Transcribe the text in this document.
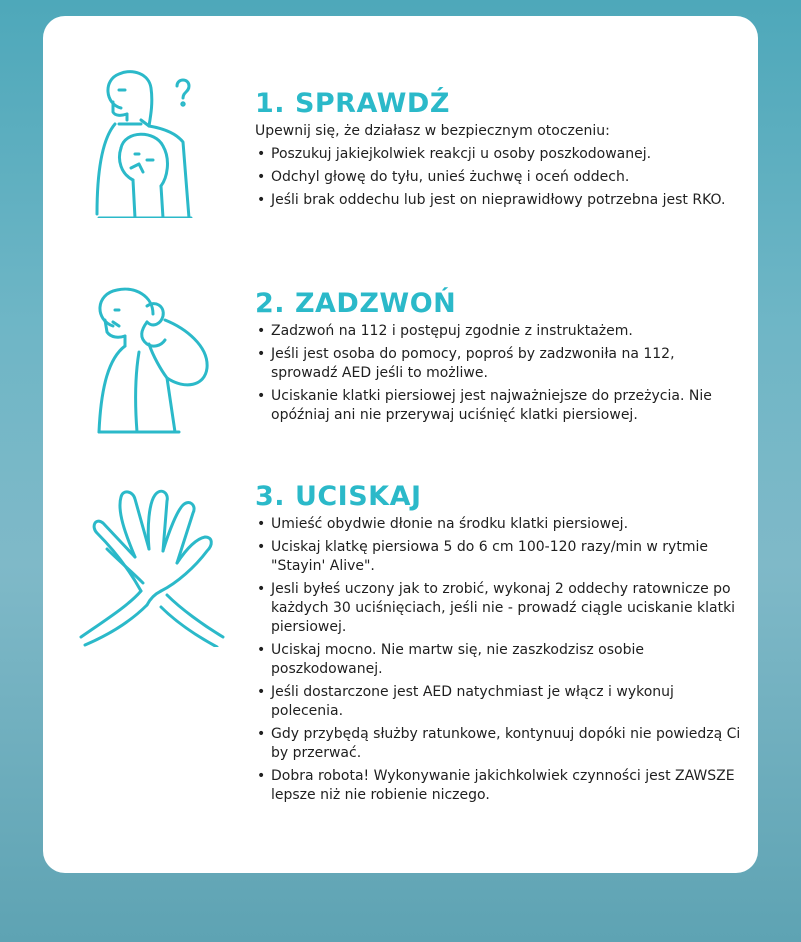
1. SPRAWDŹ

Upewnij się, że działasz w bezpiecznym otoczeniu:

• Poszukuj jakiejkolwiek reakcji u osoby poszkodowanej.
• Odchyl głowę do tyłu, unieś żuchwę i oceń oddech.
• Jeśli brak oddechu lub jest on nieprawidłowy potrzebna jest RKO.
2. ZADZWOŃ
• Zadzwoń na 112 i postępuj zgodnie z instruktażem.
• Jeśli jest osoba do pomocy, poproś by zadzwoniła na 112, sprowadź AED jeśli to możliwe.
• Uciskanie klatki piersiowej jest najważniejsze do przeżycia. Nie opóźniaj ani nie przerywaj uciśnięć klatki piersiowej.
3. UCISKAJ
• Umieść obydwie dłonie na środku klatki piersiowej.
• Uciskaj klatkę piersiowa 5 do 6 cm 100-120 razy/min w rytmie "Stayin' Alive".
• Jesli byłeś uczony jak to zrobić, wykonaj 2 oddechy ratownicze po każdych 30 uciśnięciach, jeśli nie - prowadź ciągle uciskanie klatki piersiowej.
• Uciskaj mocno. Nie martw się, nie zaszkodzisz osobie poszkodowanej.
• Jeśli dostarczone jest AED natychmiast je włącz i wykonuj polecenia.
• Gdy przybędą służby ratunkowe, kontynuuj dopóki nie powiedzą Ci by przerwać.
• Dobra robota! Wykonywanie jakichkolwiek czynności jest ZAWSZE lepsze niż nie robienie niczego.
